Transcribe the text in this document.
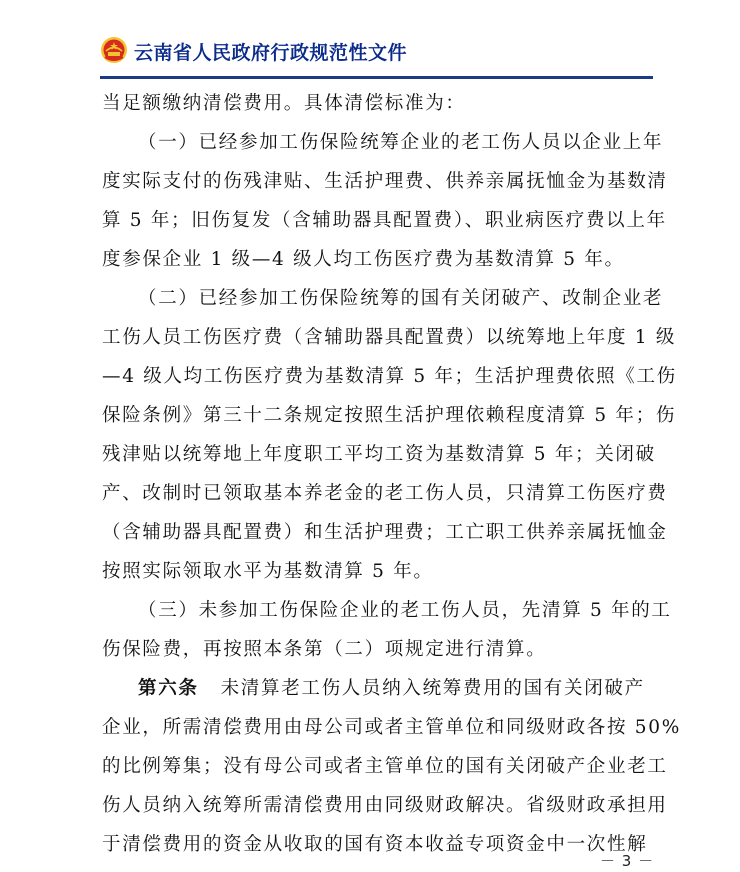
云南省人民政府行政规范性文件
当足额缴纳清偿费用。具体清偿标准为：
（一）已经参加工伤保险统筹企业的老工伤人员以企业上年
度实际支付的伤残津贴、生活护理费、供养亲属抚恤金为基数清
算 5 年；旧伤复发（含辅助器具配置费）、职业病医疗费以上年
度参保企业 1 级—4 级人均工伤医疗费为基数清算 5 年。
（二）已经参加工伤保险统筹的国有关闭破产、改制企业老
工伤人员工伤医疗费（含辅助器具配置费）以统筹地上年度 1 级
—4 级人均工伤医疗费为基数清算 5 年；生活护理费依照《工伤
保险条例》第三十二条规定按照生活护理依赖程度清算 5 年；伤
残津贴以统筹地上年度职工平均工资为基数清算 5 年；关闭破
产、改制时已领取基本养老金的老工伤人员，只清算工伤医疗费
（含辅助器具配置费）和生活护理费；工亡职工供养亲属抚恤金
按照实际领取水平为基数清算 5 年。
（三）未参加工伤保险企业的老工伤人员，先清算 5 年的工
伤保险费，再按照本条第（二）项规定进行清算。
第六条 未清算老工伤人员纳入统筹费用的国有关闭破产
企业，所需清偿费用由母公司或者主管单位和同级财政各按 50%
的比例筹集；没有母公司或者主管单位的国有关闭破产企业老工
伤人员纳入统筹所需清偿费用由同级财政解决。省级财政承担用
于清偿费用的资金从收取的国有资本收益专项资金中一次性解
－ 3 －
